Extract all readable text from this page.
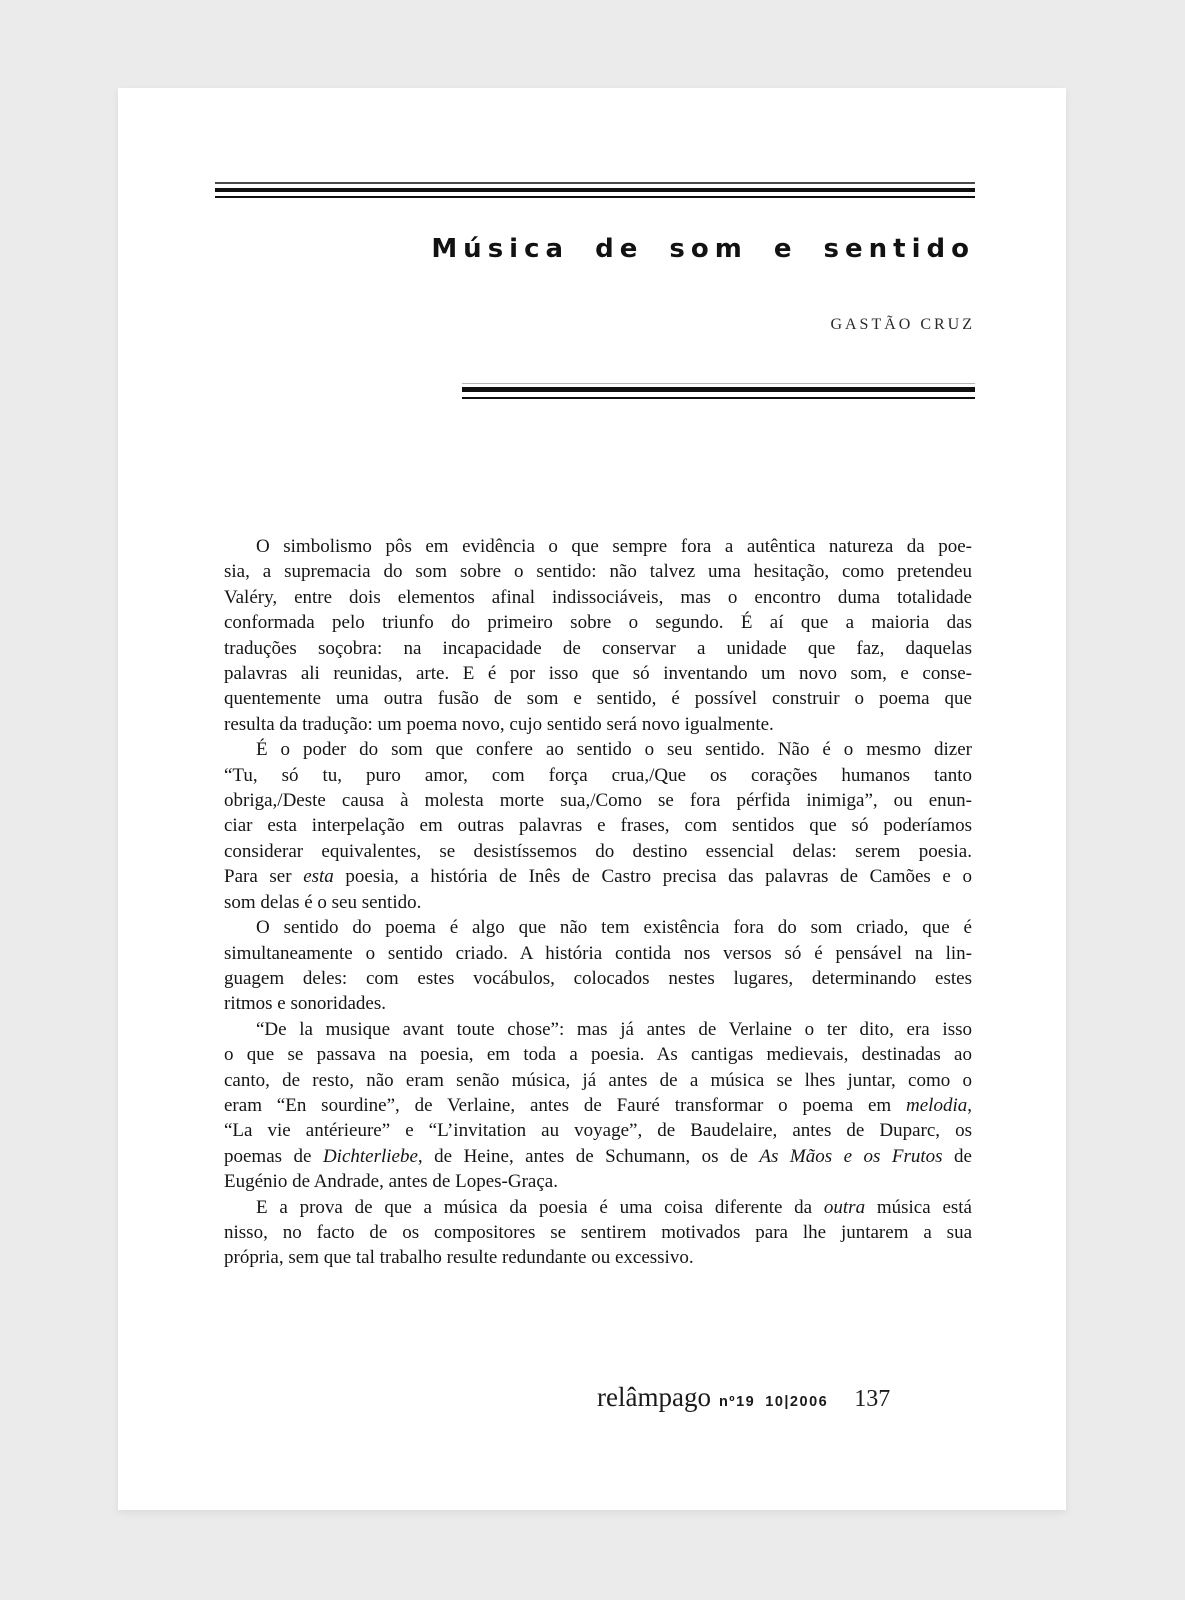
Música de som e sentido
GASTÃO CRUZ
O simbolismo pôs em evidência o que sempre fora a autêntica natureza da poe-
sia, a supremacia do som sobre o sentido: não talvez uma hesitação, como pretendeu
Valéry, entre dois elementos afinal indissociáveis, mas o encontro duma totalidade
conformada pelo triunfo do primeiro sobre o segundo. É aí que a maioria das
traduções soçobra: na incapacidade de conservar a unidade que faz, daquelas
palavras ali reunidas, arte. E é por isso que só inventando um novo som, e conse-
quentemente uma outra fusão de som e sentido, é possível construir o poema que
resulta da tradução: um poema novo, cujo sentido será novo igualmente.
É o poder do som que confere ao sentido o seu sentido. Não é o mesmo dizer
“Tu, só tu, puro amor, com força crua,/Que os corações humanos tanto
obriga,/Deste causa à molesta morte sua,/Como se fora pérfida inimiga”, ou enun-
ciar esta interpelação em outras palavras e frases, com sentidos que só poderíamos
considerar equivalentes, se desistíssemos do destino essencial delas: serem poesia.
Para ser esta poesia, a história de Inês de Castro precisa das palavras de Camões e o
som delas é o seu sentido.
O sentido do poema é algo que não tem existência fora do som criado, que é
simultaneamente o sentido criado. A história contida nos versos só é pensável na lin-
guagem deles: com estes vocábulos, colocados nestes lugares, determinando estes
ritmos e sonoridades.
“De la musique avant toute chose”: mas já antes de Verlaine o ter dito, era isso
o que se passava na poesia, em toda a poesia. As cantigas medievais, destinadas ao
canto, de resto, não eram senão música, já antes de a música se lhes juntar, como o
eram “En sourdine”, de Verlaine, antes de Fauré transformar o poema em melodia,
“La vie antérieure” e “L’invitation au voyage”, de Baudelaire, antes de Duparc, os
poemas de Dichterliebe, de Heine, antes de Schumann, os de As Mãos e os Frutos de
Eugénio de Andrade, antes de Lopes-Graça.
E a prova de que a música da poesia é uma coisa diferente da outra música está
nisso, no facto de os compositores se sentirem motivados para lhe juntarem a sua
própria, sem que tal trabalho resulte redundante ou excessivo.
relâmpago nº19 10|2006 137
